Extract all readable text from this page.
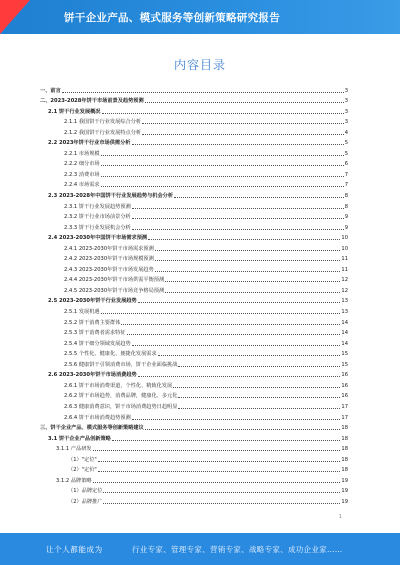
饼干企业产品、模式服务等创新策略研究报告
内容目录
一、前言	3
二、2023-2028年饼干市场前景及趋势预测	3
2.1 饼干行业发展概况	3
2.1.1 我国饼干行业发展综合分析	3
2.1.2 我国饼干行业发展特点分析	4
2.2 2023年饼干行业市场供需分析	5
2.2.1 市场规模	5
2.2.2 细分市场	6
2.2.3 消费市场	7
2.2.4 市场需求	7
2.3 2023-2028年中国饼干行业发展趋势与机会分析	8
2.3.1 饼干行业发展趋势预测	8
2.3.2 饼干行业市场前景分析	9
2.3.3 饼干行业发展机会分析	9
2.4 2023-2030年中国饼干市场需求预测	10
2.4.1 2023-2030年饼干市场需求预测	10
2.4.2 2023-2030年饼干市场规模预测	11
2.4.3 2023-2030年饼干市场发展趋势	11
2.4.4 2023-2030年饼干市场供需平衡预测	12
2.4.5 2023-2030年饼干市场竞争格局预测	12
2.5 2023-2030年饼干行业发展趋势	13
2.5.1 发展机遇	13
2.5.2 饼干消费主要群体	14
2.5.3 饼干消费者需求特征	14
2.5.4 饼干细分领域发展趋势	14
2.5.5 个性化、健康化、便捷化发展需求	15
2.5.6 健康饼干引领消费市场，饼干企业面临挑战	15
2.6 2023-2030年饼干市场消费趋势	16
2.6.1 饼干市场消费渠道，个性化、精致化发展	16
2.6.2 饼干市场趋势，消费品牌，健康化、多元化	16
2.6.3 健康消费意识，饼干市场消费趋势日趋明显	17
2.6.4 饼干市场消费趋势预测	17
三、饼干企业产品、模式服务等创新策略建议	18
3.1 饼干企业产品创新策略	18
3.1.1 产品研发	18
（1）"定位"	18
（2）"定价"	18
3.1.2 品牌策略	19
（1）品牌定位	19
（2）品牌推广	19
1
让个人都能成为	行业专家、管理专家、营销专家、战略专家、成功企业家……
